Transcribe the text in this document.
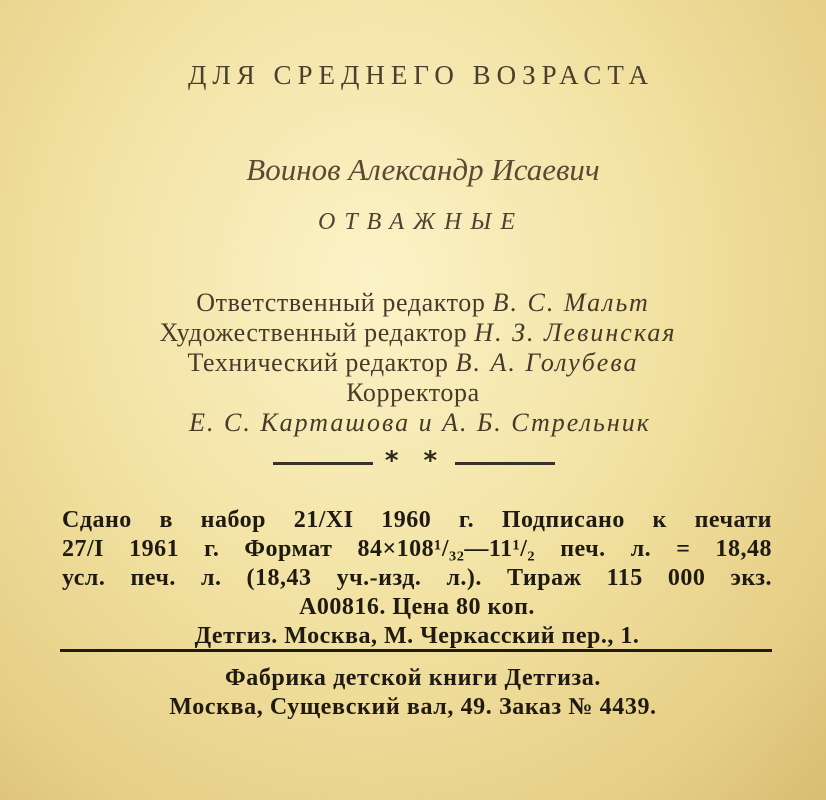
ДЛЯ СРЕДНЕГО ВОЗРАСТА
Воинов Александр Исаевич
ОТВАЖНЫЕ
Ответственный редактор В. С. Мальт
Художественный редактор Н. З. Левинская
Технический редактор В. А. Голубева
Корректора
Е. С. Карташова и А. Б. Стрельник
* *
Сдано в набор 21/XI 1960 г. Подписано к печати
27/I 1961 г. Формат 84×108¹/₃₂—11¹/₂ печ. л. = 18,48
усл. печ. л. (18,43 уч.-изд. л.). Тираж 115 000 экз.
А00816. Цена 80 коп.
Детгиз. Москва, М. Черкасский пер., 1.
Фабрика детской книги Детгиза.
Москва, Сущевский вал, 49. Заказ № 4439.
